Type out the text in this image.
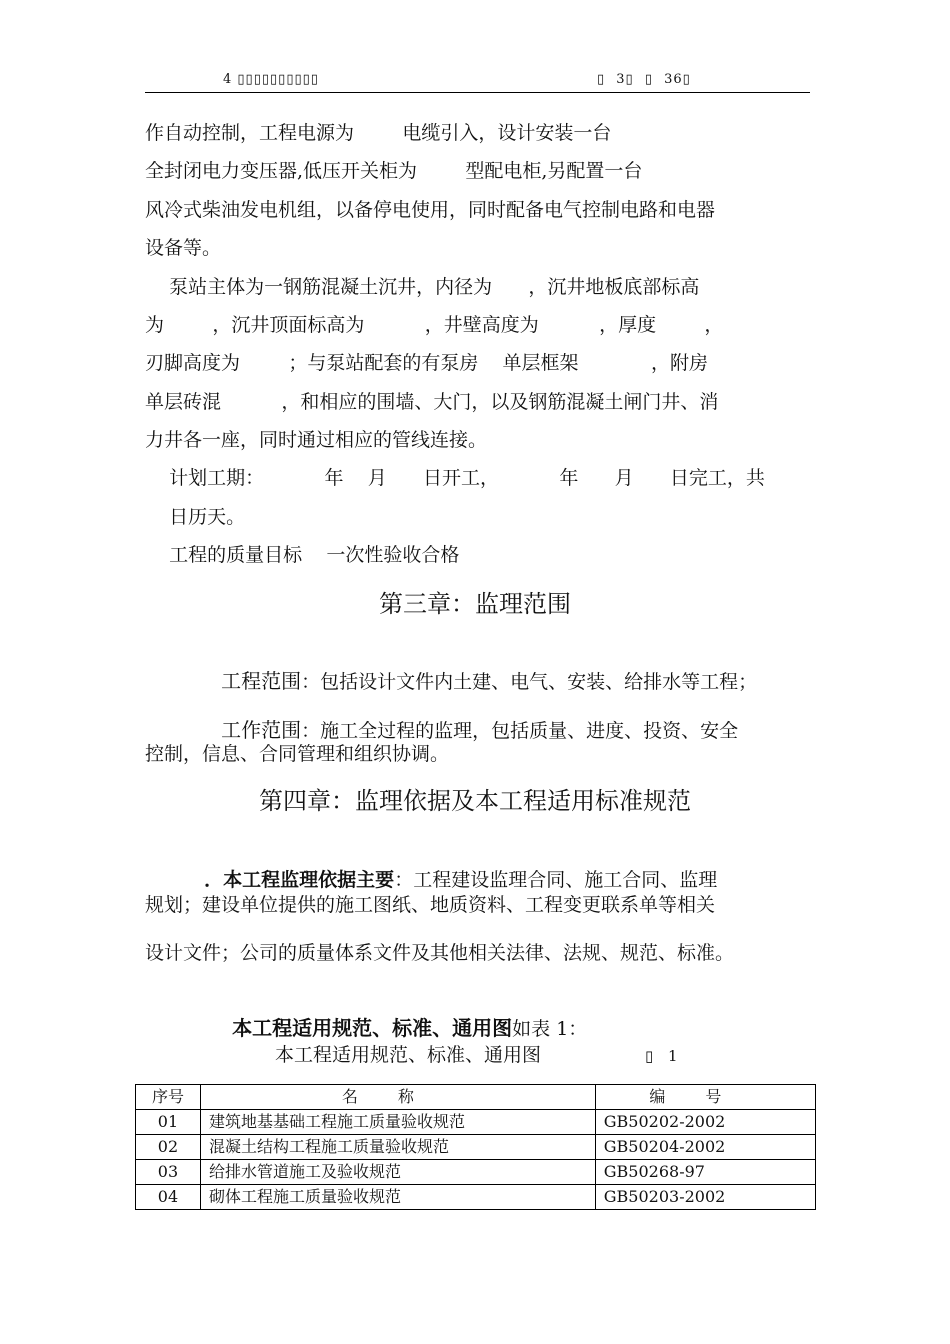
4 ▯▯▯▯▯▯▯▯▯▯	▯ 3▯ ▯ 36▯
作自动控制，工程电源为        电缆引入，设计安装一台
全封闭电力变压器,低压开关柜为        型配电柜,另配置一台
风冷式柴油发电机组，以备停电使用，同时配备电气控制电路和电器
设备等。
泵站主体为一钢筋混凝土沉井，内径为      ，沉井地板底部标高
为        ，沉井顶面标高为          ，井壁高度为          ，厚度        ，
刃脚高度为        ；与泵站配套的有泵房    单层框架            ，附房
单层砖混          ，和相应的围墙、大门，以及钢筋混凝土闸门井、消
力井各一座，同时通过相应的管线连接。
计划工期：          年    月      日开工，          年      月      日完工，共
日历天。
工程的质量目标    一次性验收合格
第三章：监理范围

工程范围：包括设计文件内土建、电气、安装、给排水等工程；

工作范围：施工全过程的监理，包括质量、进度、投资、安全

控制，信息、合同管理和组织协调。
第四章：监理依据及本工程适用标准规范

．本工程监理依据主要：工程建设监理合同、施工合同、监理

规划；建设单位提供的施工图纸、地质资料、工程变更联系单等相关
设计文件；公司的质量体系文件及其他相关法律、法规、规范、标准。

本工程适用规范、标准、通用图如表 1：

本工程适用规范、标准、通用图	▯ 1
序号	名称	编号
01	建筑地基基础工程施工质量验收规范	GB50202-2002
02	混凝土结构工程施工质量验收规范	GB50204-2002
03	给排水管道施工及验收规范	GB50268-97
04	砌体工程施工质量验收规范	GB50203-2002
